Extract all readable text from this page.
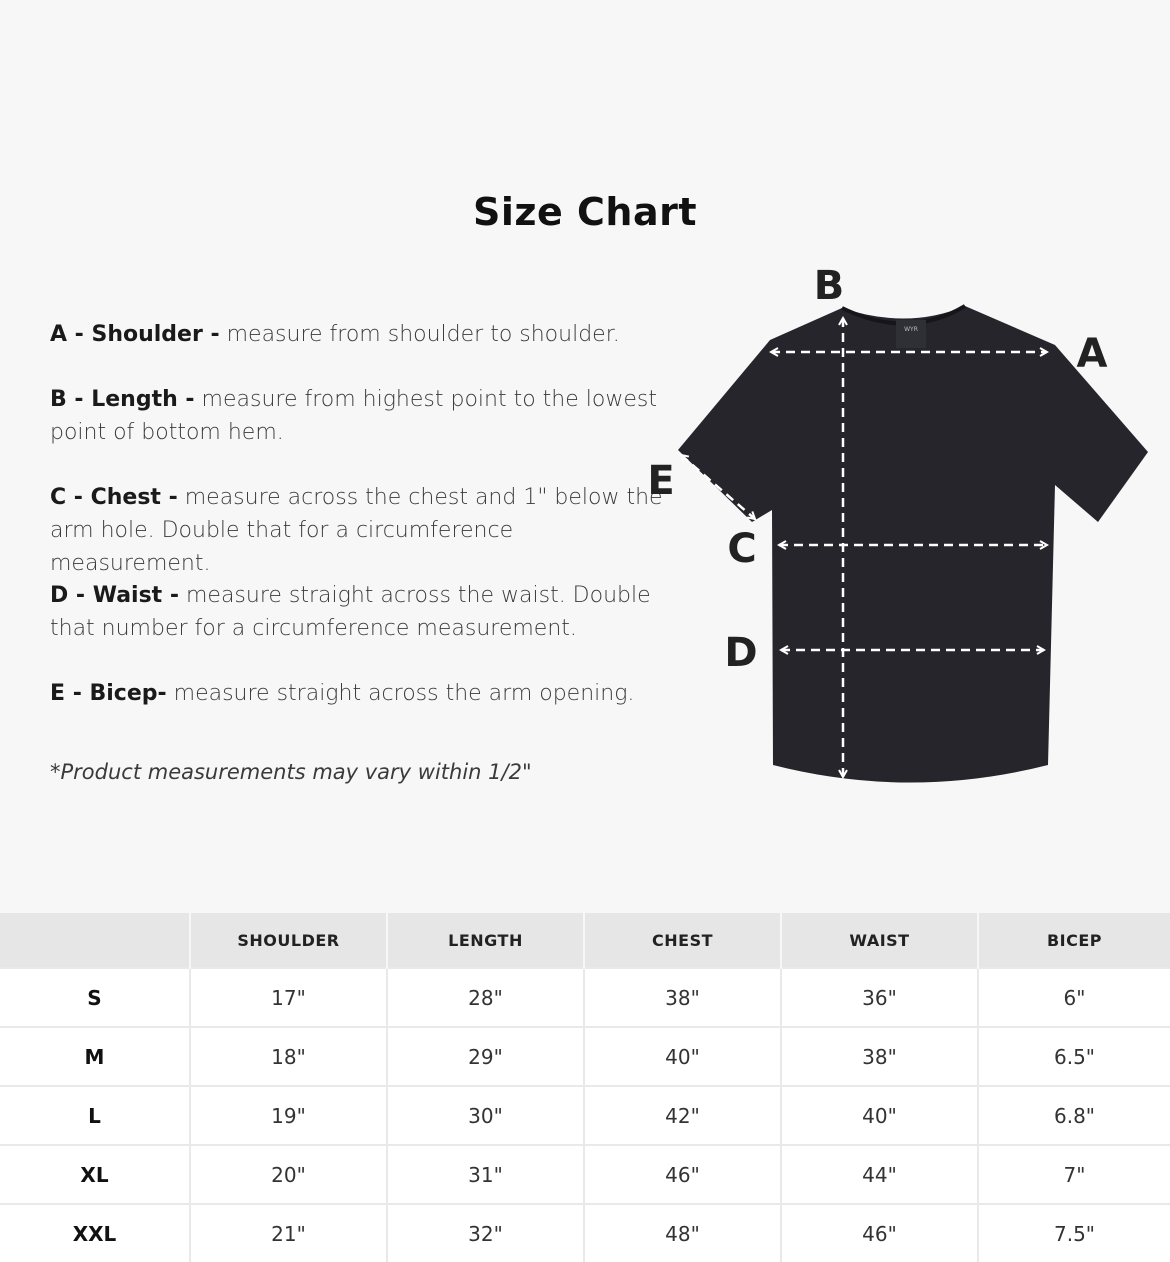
Size Chart

A - Shoulder - measure from shoulder to shoulder.

B - Length - measure from highest point to the lowest point of bottom hem.

C - Chest - measure across the chest and 1" below the arm hole. Double that for a circumference measurement.

D - Waist - measure straight across the waist. Double that number for a circumference measurement.

E - Bicep- measure straight across the arm opening.

*Product measurements may vary within 1/2"
WYR
B
A
E
C
D
	SHOULDER	LENGTH	CHEST	WAIST	BICEP
S	17"	28"	38"	36"	6"
M	18"	29"	40"	38"	6.5"
L	19"	30"	42"	40"	6.8"
XL	20"	31"	46"	44"	7"
XXL	21"	32"	48"	46"	7.5"
